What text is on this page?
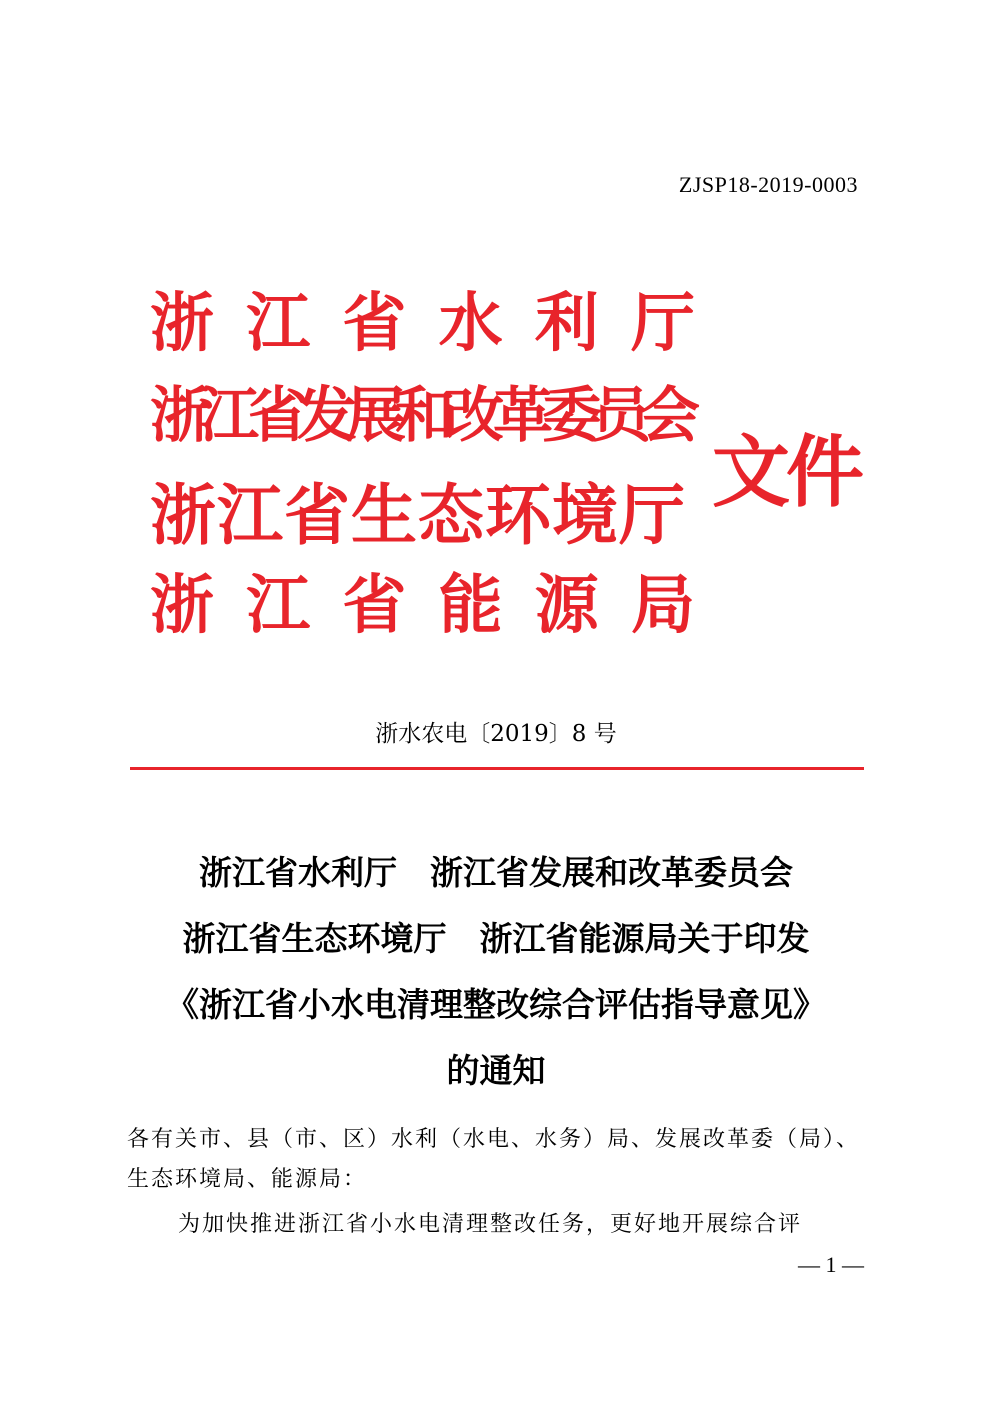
ZJSP18-2019-0003
浙 江 省 水 利 厅
浙江省发展和改革委员会
浙江省生态环境厅
浙 江 省 能 源 局
文件
浙水农电〔2019〕8 号
浙江省水利厅　浙江省发展和改革委员会
浙江省生态环境厅　浙江省能源局关于印发
《浙江省小水电清理整改综合评估指导意见》
的通知
各有关市、县（市、区）水利（水电、水务）局、发展改革委（局）、
生态环境局、能源局：
为加快推进浙江省小水电清理整改任务，更好地开展综合评
— 1 —
